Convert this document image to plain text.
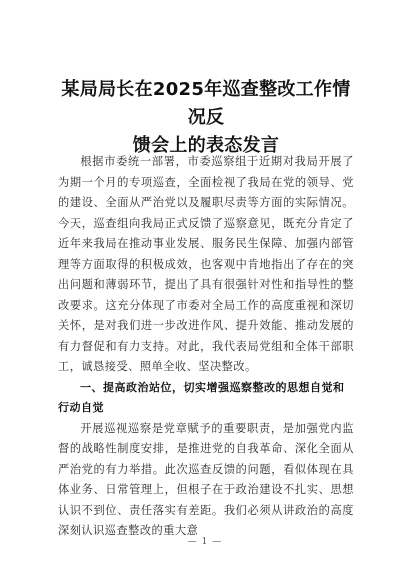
某局局长在2025年巡查整改工作情况反
馈会上的表态发言

根据市委统一部署，市委巡察组于近期对我局开展了为期一个月的专项巡查，全面检视了我局在党的领导、党的建设、全面从严治党以及履职尽责等方面的实际情况。今天，巡查组向我局正式反馈了巡察意见，既充分肯定了近年来我局在推动事业发展、服务民生保障、加强内部管理等方面取得的积极成效，也客观中肯地指出了存在的突出问题和薄弱环节，提出了具有很强针对性和指导性的整改要求。这充分体现了市委对全局工作的高度重视和深切关怀，是对我们进一步改进作风、提升效能、推动发展的有力督促和有力支持。对此，我代表局党组和全体干部职工，诚恳接受、照单全收、坚决整改。

一、提高政治站位，切实增强巡察整改的思想自觉和行动自觉

开展巡视巡察是党章赋予的重要职责，是加强党内监督的战略性制度安排，是推进党的自我革命、深化全面从严治党的有力举措。此次巡查反馈的问题，看似体现在具体业务、日常管理上，但根子在于政治建设不扎实、思想认识不到位、责任落实有差距。我们必须从讲政治的高度深刻认识巡查整改的重大意

— 1 —
